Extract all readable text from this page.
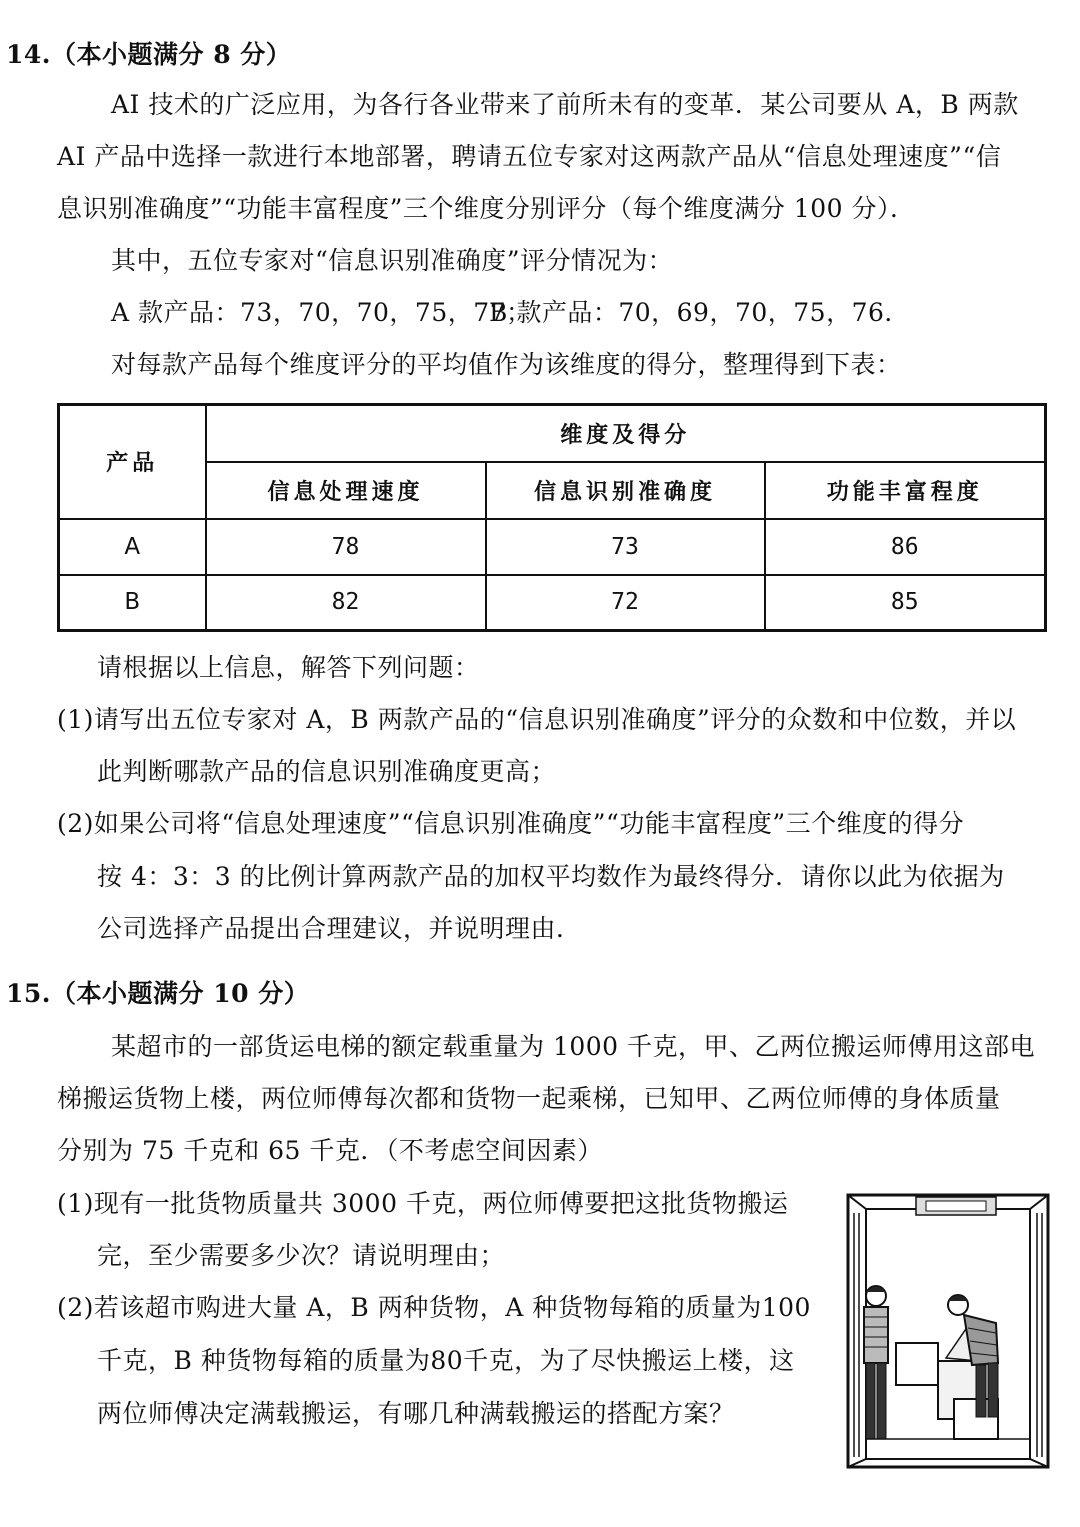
14.（本小题满分 8 分）
AI 技术的广泛应用，为各行各业带来了前所未有的变革．某公司要从 A，B 两款
AI 产品中选择一款进行本地部署，聘请五位专家对这两款产品从“信息处理速度”“信
息识别准确度”“功能丰富程度”三个维度分别评分（每个维度满分 100 分）．
其中，五位专家对“信息识别准确度”评分情况为：
A 款产品：73，70，70，75，77；
B 款产品：70，69，70，75，76．
对每款产品每个维度评分的平均值作为该维度的得分，整理得到下表：
产品	维度及得分		
	信息处理速度	信息识别准确度	功能丰富程度
A	78	73	86
B	82	72	85
请根据以上信息，解答下列问题：
(1)请写出五位专家对 A，B 两款产品的“信息识别准确度”评分的众数和中位数，并以
此判断哪款产品的信息识别准确度更高；
(2)如果公司将“信息处理速度”“信息识别准确度”“功能丰富程度”三个维度的得分
按 4：3：3 的比例计算两款产品的加权平均数作为最终得分．请你以此为依据为
公司选择产品提出合理建议，并说明理由．
15.（本小题满分 10 分）
某超市的一部货运电梯的额定载重量为 1000 千克，甲、乙两位搬运师傅用这部电
梯搬运货物上楼，两位师傅每次都和货物一起乘梯，已知甲、乙两位师傅的身体质量
分别为 75 千克和 65 千克．（不考虑空间因素）
(1)现有一批货物质量共 3000 千克，两位师傅要把这批货物搬运
完，至少需要多少次？请说明理由；
(2)若该超市购进大量 A，B 两种货物，A 种货物每箱的质量为100
千克，B 种货物每箱的质量为80千克，为了尽快搬运上楼，这
两位师傅决定满载搬运，有哪几种满载搬运的搭配方案？
